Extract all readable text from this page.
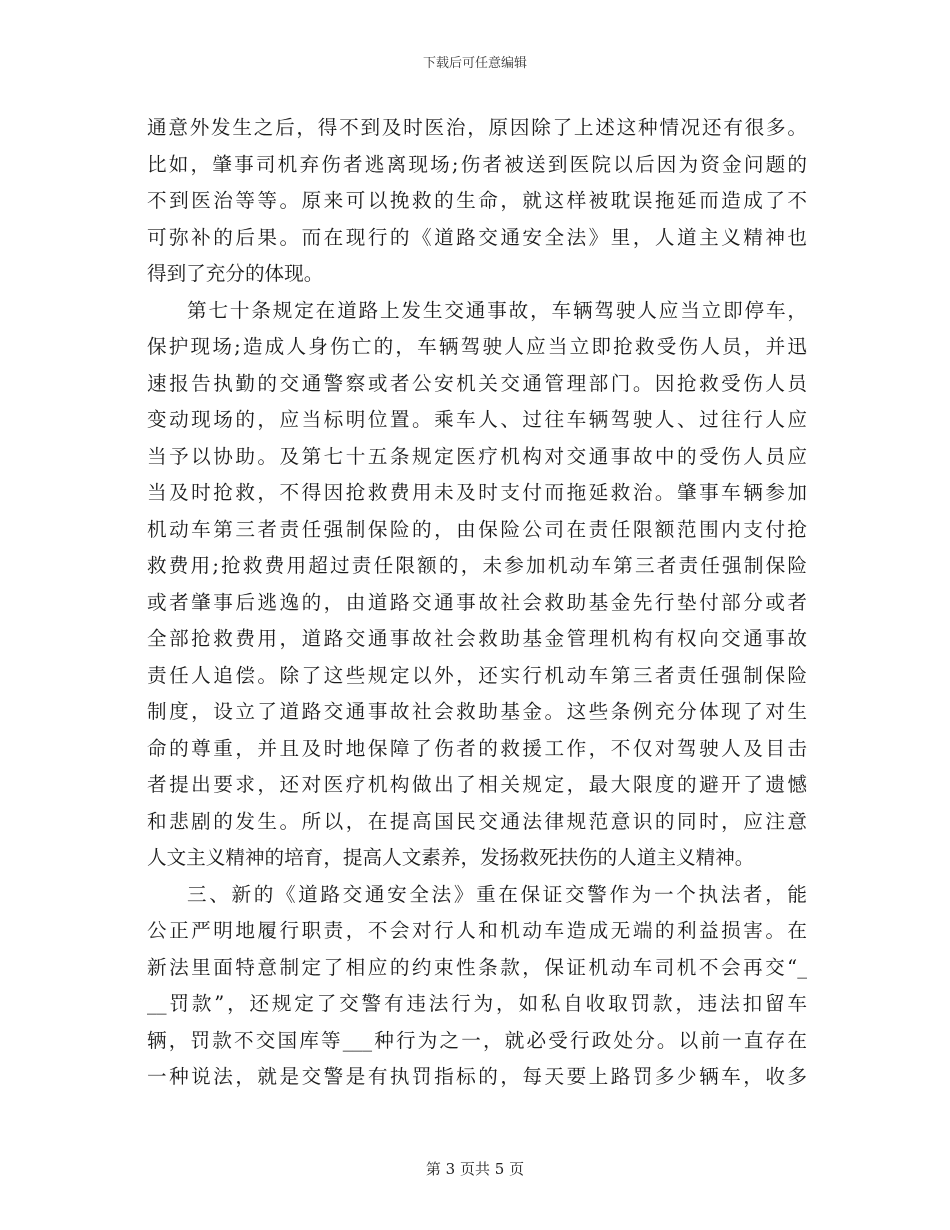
下载后可任意编辑
通意外发生之后，得不到及时医治，原因除了上述这种情况还有很多。
比如，肇事司机弃伤者逃离现场;伤者被送到医院以后因为资金问题的
不到医治等等。原来可以挽救的生命，就这样被耽误拖延而造成了不
可弥补的后果。而在现行的《道路交通安全法》里，人道主义精神也
得到了充分的体现。
第七十条规定在道路上发生交通事故，车辆驾驶人应当立即停车，
保护现场;造成人身伤亡的，车辆驾驶人应当立即抢救受伤人员，并迅
速报告执勤的交通警察或者公安机关交通管理部门。因抢救受伤人员
变动现场的，应当标明位置。乘车人、过往车辆驾驶人、过往行人应
当予以协助。及第七十五条规定医疗机构对交通事故中的受伤人员应
当及时抢救，不得因抢救费用未及时支付而拖延救治。肇事车辆参加
机动车第三者责任强制保险的，由保险公司在责任限额范围内支付抢
救费用;抢救费用超过责任限额的，未参加机动车第三者责任强制保险
或者肇事后逃逸的，由道路交通事故社会救助基金先行垫付部分或者
全部抢救费用，道路交通事故社会救助基金管理机构有权向交通事故
责任人追偿。除了这些规定以外，还实行机动车第三者责任强制保险
制度，设立了道路交通事故社会救助基金。这些条例充分体现了对生
命的尊重，并且及时地保障了伤者的救援工作，不仅对驾驶人及目击
者提出要求，还对医疗机构做出了相关规定，最大限度的避开了遗憾
和悲剧的发生。所以，在提高国民交通法律规范意识的同时，应注意
人文主义精神的培育，提高人文素养，发扬救死扶伤的人道主义精神。
三、新的《道路交通安全法》重在保证交警作为一个执法者，能
公正严明地履行职责，不会对行人和机动车造成无端的利益损害。在
新法里面特意制定了相应的约束性条款，保证机动车司机不会再交“_
__罚款”，还规定了交警有违法行为，如私自收取罚款，违法扣留车
辆，罚款不交国库等___种行为之一，就必受行政处分。以前一直存在
一种说法，就是交警是有执罚指标的，每天要上路罚多少辆车，收多
第 3 页共 5 页
